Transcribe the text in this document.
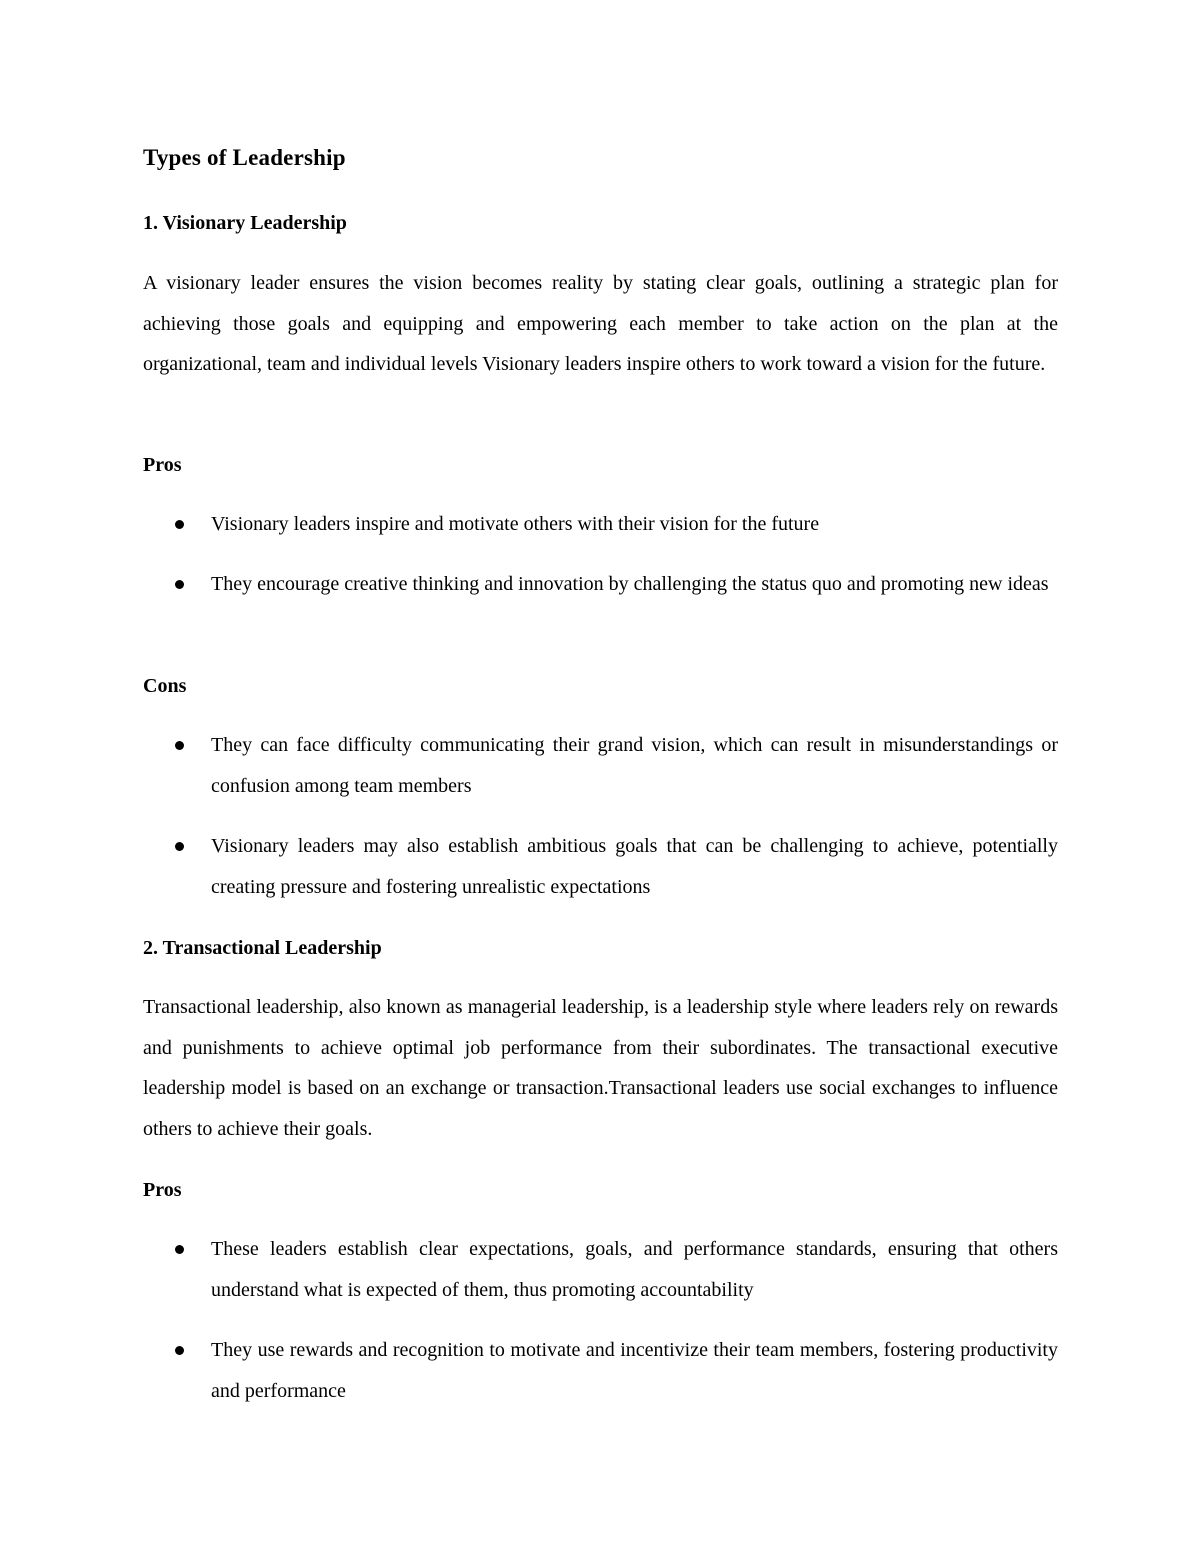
Types of Leadership
1. Visionary Leadership

A visionary leader ensures the vision becomes reality by stating clear goals, outlining a strategic plan for achieving those goals and equipping and empowering each member to take action on the plan at the organizational, team and individual levels Visionary leaders inspire others to work toward a vision for the future.

Pros

Visionary leaders inspire and motivate others with their vision for the future

They encourage creative thinking and innovation by challenging the status quo and promoting new ideas

Cons

They can face difficulty communicating their grand vision, which can result in misunderstandings or confusion among team members

Visionary leaders may also establish ambitious goals that can be challenging to achieve, potentially creating pressure and fostering unrealistic expectations

2. Transactional Leadership

Transactional leadership, also known as managerial leadership, is a leadership style where leaders rely on rewards and punishments to achieve optimal job performance from their subordinates. The transactional executive leadership model is based on an exchange or transaction.Transactional leaders use social exchanges to influence others to achieve their goals.

Pros

These leaders establish clear expectations, goals, and performance standards, ensuring that others understand what is expected of them, thus promoting accountability

They use rewards and recognition to motivate and incentivize their team members, fostering productivity and performance
